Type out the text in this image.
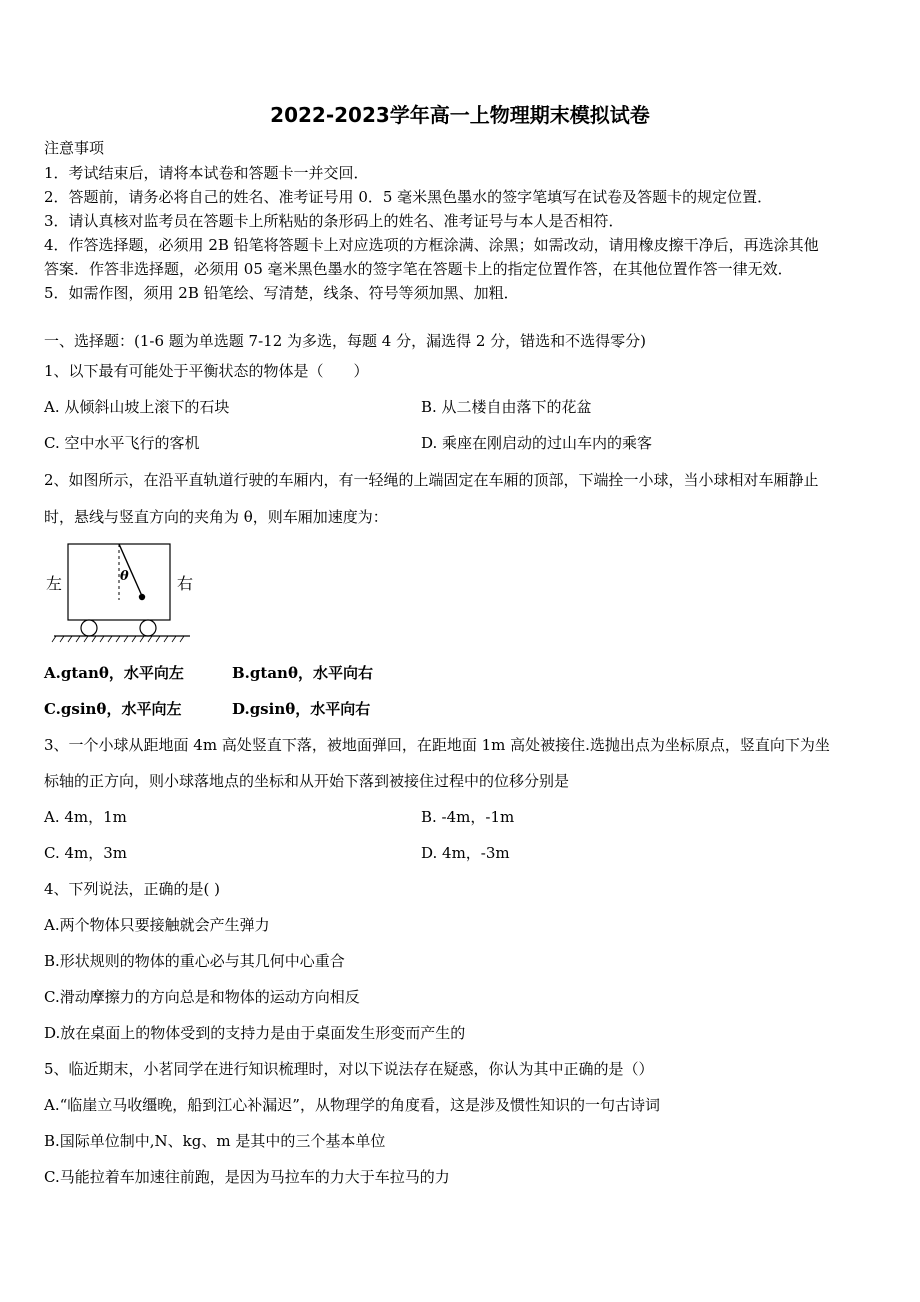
2022-2023学年高一上物理期末模拟试卷
注意事项
1．考试结束后，请将本试卷和答题卡一并交回．
2．答题前，请务必将自己的姓名、准考证号用 0．5 毫米黑色墨水的签字笔填写在试卷及答题卡的规定位置．
3．请认真核对监考员在答题卡上所粘贴的条形码上的姓名、准考证号与本人是否相符．
4．作答选择题，必须用 2B 铅笔将答题卡上对应选项的方框涂满、涂黑；如需改动，请用橡皮擦干净后，再选涂其他
答案．作答非选择题，必须用 05 毫米黑色墨水的签字笔在答题卡上的指定位置作答，在其他位置作答一律无效．
5．如需作图，须用 2B 铅笔绘、写清楚，线条、符号等须加黑、加粗．
一、选择题：(1-6 题为单选题 7-12 为多选，每题 4 分，漏选得 2 分，错选和不选得零分)
1、以下最有可能处于平衡状态的物体是（　　）
A. 从倾斜山坡上滚下的石块	B. 从二楼自由落下的花盆
C. 空中水平飞行的客机	D. 乘座在刚启动的过山车内的乘客
2、如图所示，在沿平直轨道行驶的车厢内，有一轻绳的上端固定在车厢的顶部，下端拴一小球，当小球相对车厢静止
时，悬线与竖直方向的夹角为 θ，则车厢加速度为：
左	右
θ
A.gtanθ，水平向左	B.gtanθ，水平向右
C.gsinθ，水平向左	D.gsinθ，水平向右
3、一个小球从距地面 4m 高处竖直下落，被地面弹回，在距地面 1m 高处被接住.选抛出点为坐标原点，竖直向下为坐
标轴的正方向，则小球落地点的坐标和从开始下落到被接住过程中的位移分别是
A. 4m，1m	B. -4m，-1m
C. 4m，3m	D. 4m，-3m
4、下列说法，正确的是( )
A.两个物体只要接触就会产生弹力
B.形状规则的物体的重心必与其几何中心重合
C.滑动摩擦力的方向总是和物体的运动方向相反
D.放在桌面上的物体受到的支持力是由于桌面发生形变而产生的
5、临近期末，小茗同学在进行知识梳理时，对以下说法存在疑惑，你认为其中正确的是（）
A.“临崖立马收缰晚，船到江心补漏迟”，从物理学的角度看，这是涉及惯性知识的一句古诗词
B.国际单位制中,N、kg、m 是其中的三个基本单位
C.马能拉着车加速往前跑，是因为马拉车的力大于车拉马的力
